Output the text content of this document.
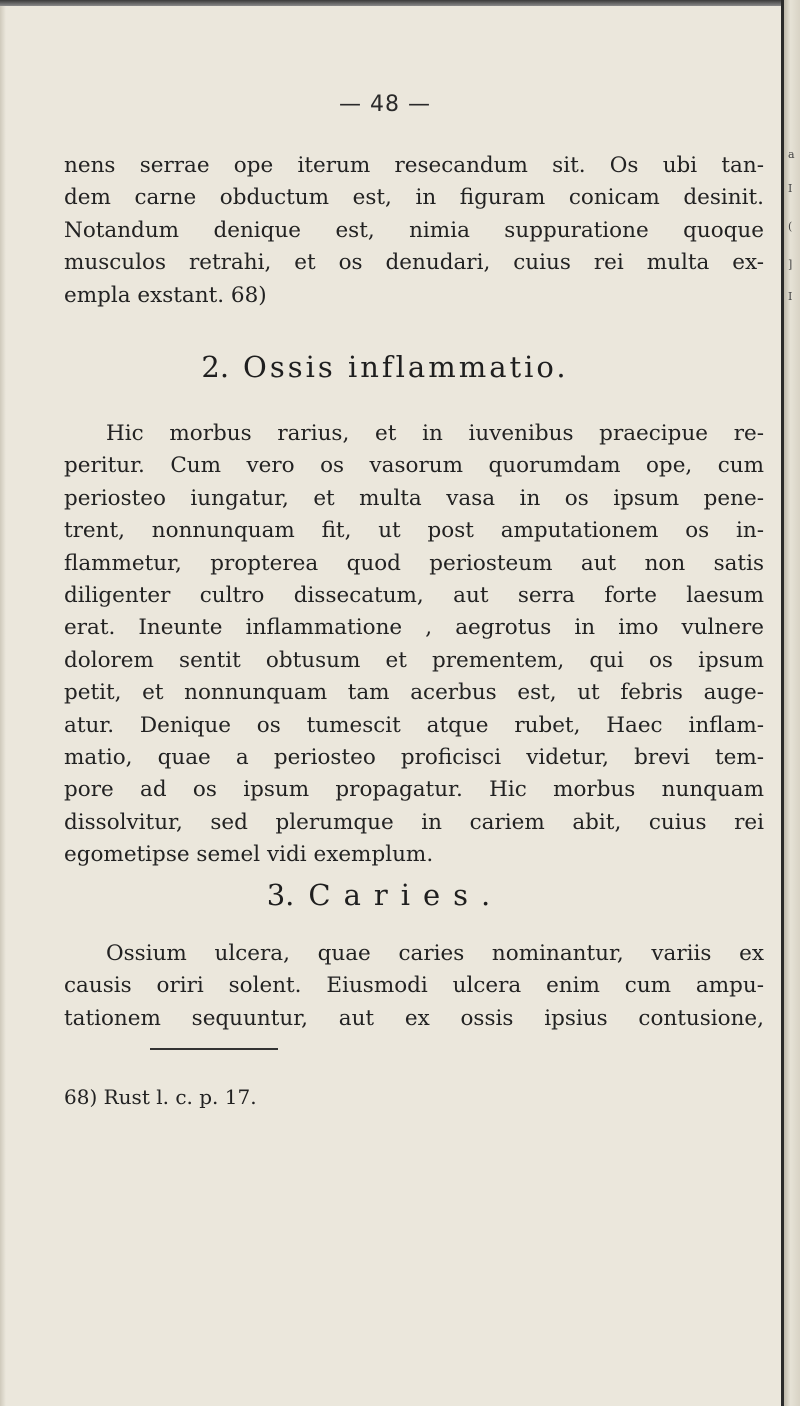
a
I
(
]
I
— 48 —

nens serrae ope iterum resecandum sit. Os ubi tan-
dem carne obductum est, in figuram conicam desinit.
Notandum denique est, nimia suppuratione quoque
musculos retrahi, et os denudari, cuius rei multa ex-
empla exstant. 68)

2. Ossis inflammatio.

Hic morbus rarius, et in iuvenibus praecipue re-
peritur. Cum vero os vasorum quorumdam ope, cum
periosteo iungatur, et multa vasa in os ipsum pene-
trent, nonnunquam fit, ut post amputationem os in-
flammetur, propterea quod periosteum aut non satis
diligenter cultro dissecatum, aut serra forte laesum
erat. Ineunte inflammatione , aegrotus in imo vulnere
dolorem sentit obtusum et prementem, qui os ipsum
petit, et nonnunquam tam acerbus est, ut febris auge-
atur. Denique os tumescit atque rubet, Haec inflam-
matio, quae a periosteo proficisci videtur, brevi tem-
pore ad os ipsum propagatur. Hic morbus nunquam
dissolvitur, sed plerumque in cariem abit, cuius rei
egometipse semel vidi exemplum.

3. Caries.

Ossium ulcera, quae caries nominantur, variis ex
causis oriri solent. Eiusmodi ulcera enim cum ampu-
tationem sequuntur, aut ex ossis ipsius contusione,

68) Rust l. c. p. 17.
